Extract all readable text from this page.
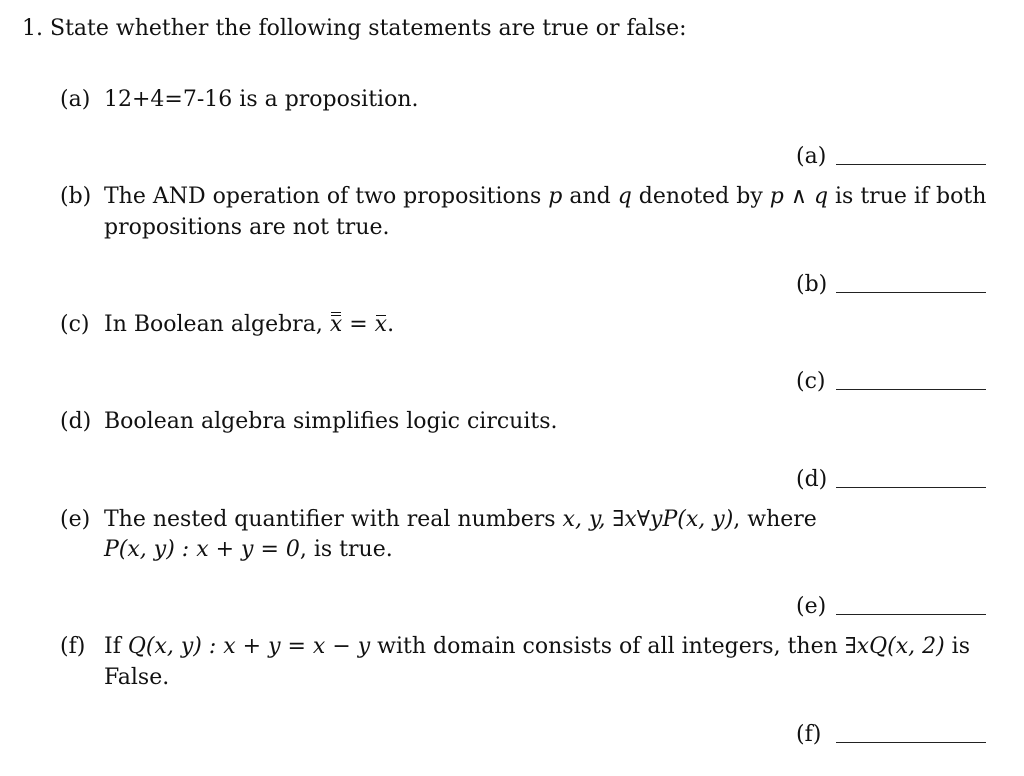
1. State whether the following statements are true or false:
(a) 12+4=7-16 is a proposition.
(a)
(b) The AND operation of two propositions p and q denoted by p ∧ q is true if both
propositions are not true.
(b)
(c) In Boolean algebra, x = x.
(c)
(d) Boolean algebra simplifies logic circuits.
(d)
(e) The nested quantifier with real numbers x, y, ∃x∀yP(x, y), where
P(x, y) : x + y = 0, is true.
(e)
(f) If Q(x, y) : x + y = x − y with domain consists of all integers, then ∃xQ(x, 2) is
False.
(f)
